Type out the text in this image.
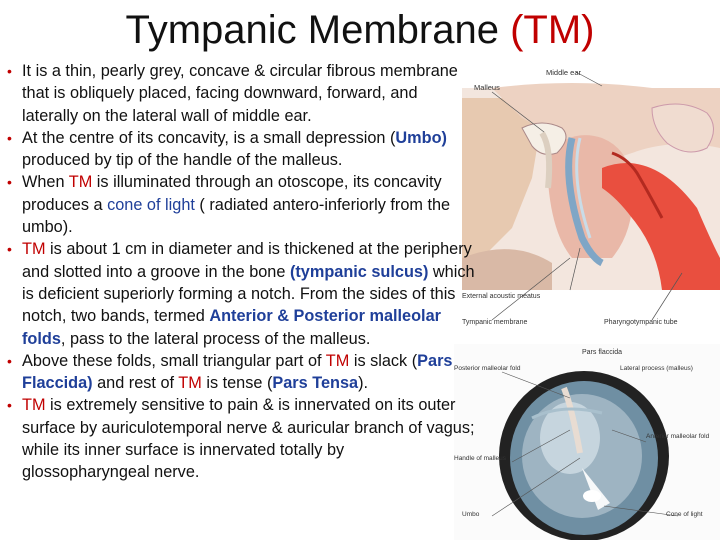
Tympanic Membrane (TM)
Middle ear
Malleus
External acoustic meatus
Tympanic membrane	Pharyngotympanic tube
Pars flaccida
Posterior malleolar fold	Lateral process (malleus)
Anterior malleolar fold
Handle of malleus
Umbo	Cone of light
• It is a thin, pearly grey, concave & circular fibrous membrane that is obliquely placed, facing downward, forward, and laterally on the lateral wall of middle ear.
• At the centre of its concavity, is a small depression (Umbo) produced by tip of the handle of the malleus.
• When TM is illuminated through an otoscope, its concavity produces a cone of light ( radiated antero-inferiorly from the umbo).
• TM is about 1 cm in diameter and is thickened at the periphery and slotted into a groove in the bone (tympanic sulcus) which is deficient superiorly forming a notch. From the sides of this notch, two bands, termed Anterior & Posterior malleolar folds, pass to the lateral process of the malleus.
• Above these folds, small triangular part of TM is slack (Pars Flaccida) and rest of TM is tense (Pars Tensa).
• TM is extremely sensitive to pain & is innervated on its outer surface by auriculotemporal nerve & auricular branch of vagus; while its inner surface is innervated totally by glossopharyngeal nerve.
